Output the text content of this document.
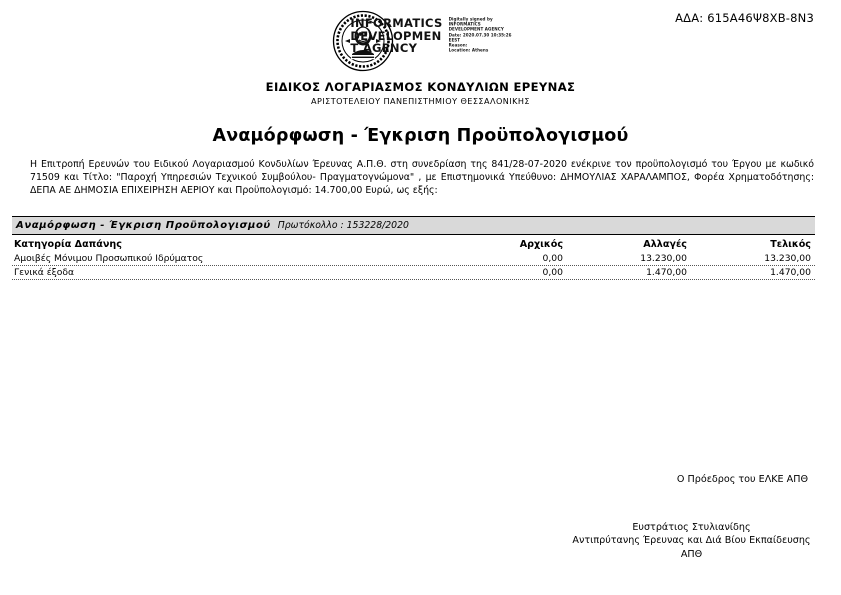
ΑΔΑ: 615Α46Ψ8ΧΒ-8Ν3
INFORMATICS
DEVELOPMEN
T AGENCY
Digitally signed by
INFORMATICS
DEVELOPMENT AGENCY
Date: 2020.07.30 10:35:26
EEST
Reason:
Location: Athens
ΕΙΔΙΚΟΣ ΛΟΓΑΡΙΑΣΜΟΣ ΚΟΝΔΥΛΙΩΝ ΕΡΕΥΝΑΣ
ΑΡΙΣΤΟΤΕΛΕΙΟΥ ΠΑΝΕΠΙΣΤΗΜΙΟΥ ΘΕΣΣΑΛΟΝΙΚΗΣ
Αναμόρφωση - Έγκριση Προϋπολογισμού

Η Επιτροπή Ερευνών του Ειδικού Λογαριασμού Κονδυλίων Έρευνας Α.Π.Θ. στη συνεδρίαση της 841/28-07-2020 ενέκρινε τον προϋπολογισμό του Έργου με κωδικό 71509 και Τίτλο: "Παροχή Υπηρεσιών Τεχνικού Συμβούλου- Πραγματογνώμονα" , με Επιστημονικά Υπεύθυνο: ΔΗΜΟΥΛΙΑΣ ΧΑΡΑΛΑΜΠΟΣ, Φορέα Χρηματοδότησης: ΔΕΠΑ ΑΕ ΔΗΜΟΣΙΑ ΕΠΙΧΕΙΡΗΣΗ ΑΕΡΙΟΥ και Προϋπολογισμό: 14.700,00 Ευρώ, ως εξής:

Αναμόρφωση - Έγκριση Προϋπολογισμού Πρωτόκολλο : 153228/2020
Κατηγορία Δαπάνης	Αρχικός	Αλλαγές	Τελικός
Αμοιβές Μόνιμου Προσωπικού Ιδρύματος	0,00	13.230,00	13.230,00
Γενικά έξοδα	0,00	1.470,00	1.470,00
Ο Πρόεδρος του ΕΛΚΕ ΑΠΘ
Ευστράτιος Στυλιανίδης
Αντιπρύτανης Έρευνας και Διά Βίου Εκπαίδευσης
ΑΠΘ
